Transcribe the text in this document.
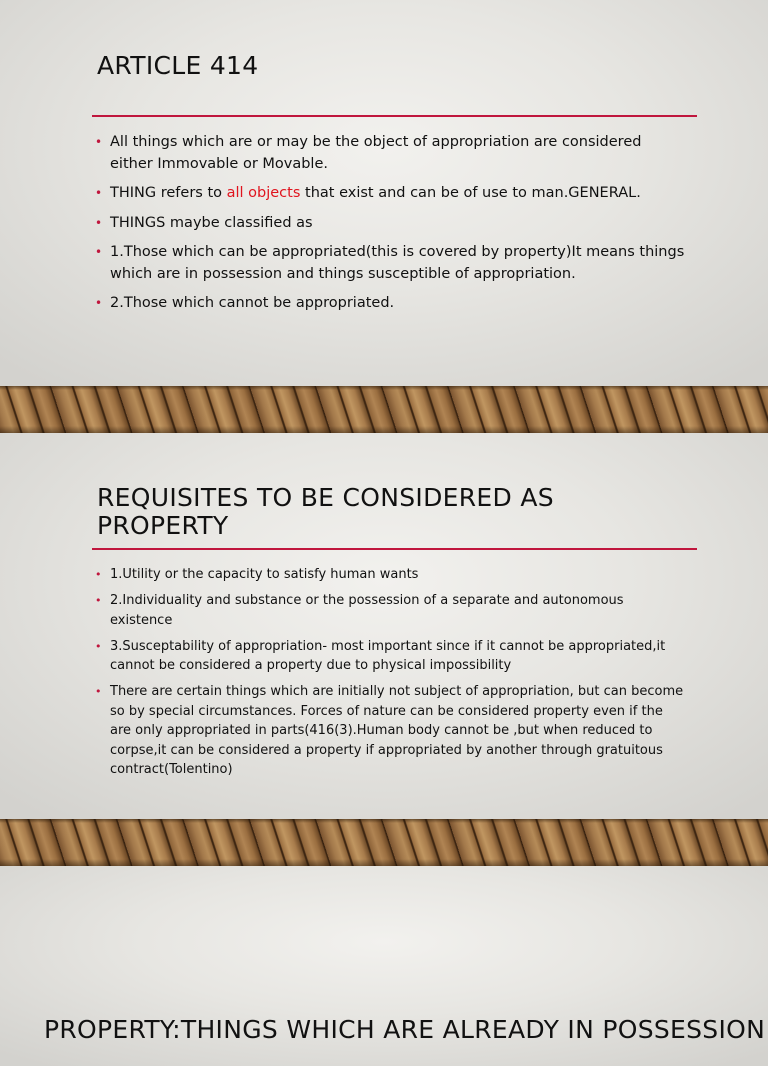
ARTICLE 414
• All things which are or may be the object of appropriation are considered either Immovable or Movable.
• THING refers to all objects that exist and can be of use to man.GENERAL.
• THINGS maybe classified as
• 1.Those which can be appropriated(this is covered by property)It means things which are in possession and things susceptible of appropriation.
• 2.Those which cannot be appropriated.
REQUISITES TO BE CONSIDERED AS PROPERTY
• 1.Utility or the capacity to satisfy human wants
• 2.Individuality and substance or the possession of a separate and autonomous existence
• 3.Susceptability of appropriation- most important since if it cannot be appropriated,it cannot be considered a property due to physical impossibility
• There are certain things which are initially not subject of appropriation, but can become so by special circumstances. Forces of nature can be considered property even if the are only appropriated in parts(416(3).Human body cannot be ,but when reduced to corpse,it can be considered a property if appropriated by another through gratuitous contract(Tolentino)
PROPERTY:THINGS WHICH ARE ALREADY IN POSSESSION
